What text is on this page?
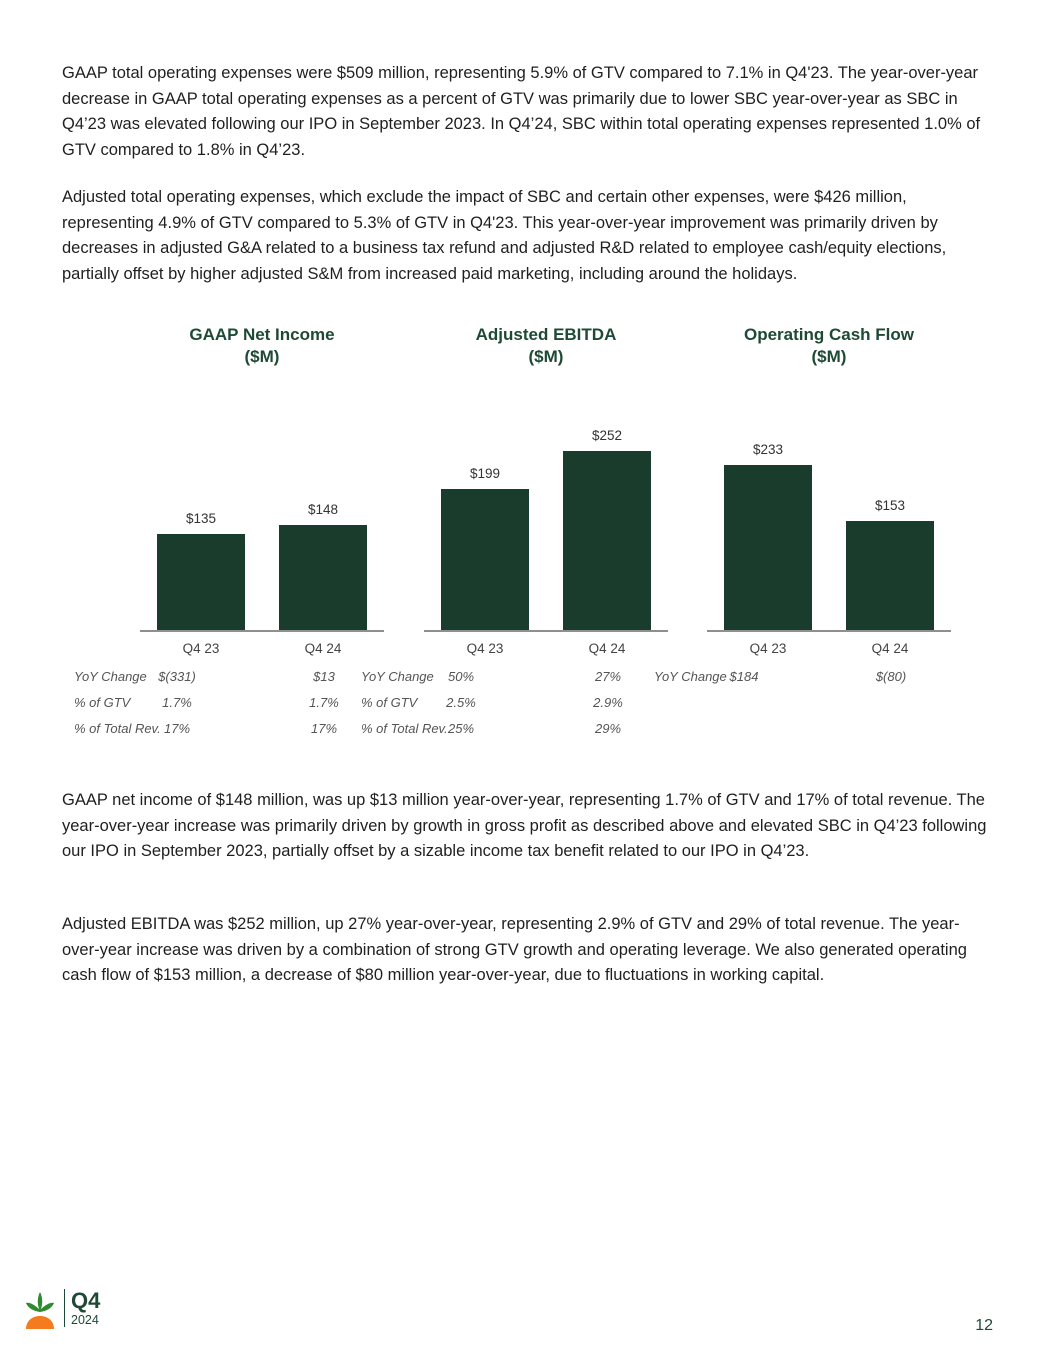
GAAP total operating expenses were $509 million, representing 5.9% of GTV compared to 7.1% in Q4'23. The year-over-year decrease in GAAP total operating expenses as a percent of GTV was primarily due to lower SBC year-over-year as SBC in Q4’23 was elevated following our IPO in September 2023. In Q4’24, SBC within total operating expenses represented 1.0% of GTV compared to 1.8% in Q4’23.

Adjusted total operating expenses, which exclude the impact of SBC and certain other expenses, were $426 million, representing 4.9% of GTV compared to 5.3% of GTV in Q4'23. This year-over-year improvement was primarily driven by decreases in adjusted G&A related to a business tax refund and adjusted R&D related to employee cash/equity elections, partially offset by higher adjusted S&M from increased paid marketing, including around the holidays.

GAAP Net Income
($M)
$135
Q4 23
$148
Q4 24
YoY Change $(331)	$13
% of GTV	1.7%	1.7%
% of Total Rev. 17%	17%
Adjusted EBITDA
($M)
$199
Q4 23
$252
Q4 24
YoY Change	50%	27%
% of GTV	2.5%	2.9%
% of Total Rev. 25%	29%
Operating Cash Flow
($M)
$233
Q4 23
$153
Q4 24
YoY Change $184	$(80)

GAAP net income of $148 million, was up $13 million year-over-year, representing 1.7% of GTV and 17% of total revenue. The year-over-year increase was primarily driven by growth in gross profit as described above and elevated SBC in Q4’23 following our IPO in September 2023, partially offset by a sizable income tax benefit related to our IPO in Q4’23.

Adjusted EBITDA was $252 million, up 27% year-over-year, representing 2.9% of GTV and 29% of total revenue. The year-over-year increase was driven by a combination of strong GTV growth and operating leverage. We also generated operating cash flow of $153 million, a decrease of $80 million year-over-year, due to fluctuations in working capital.

Q4
2024	12
